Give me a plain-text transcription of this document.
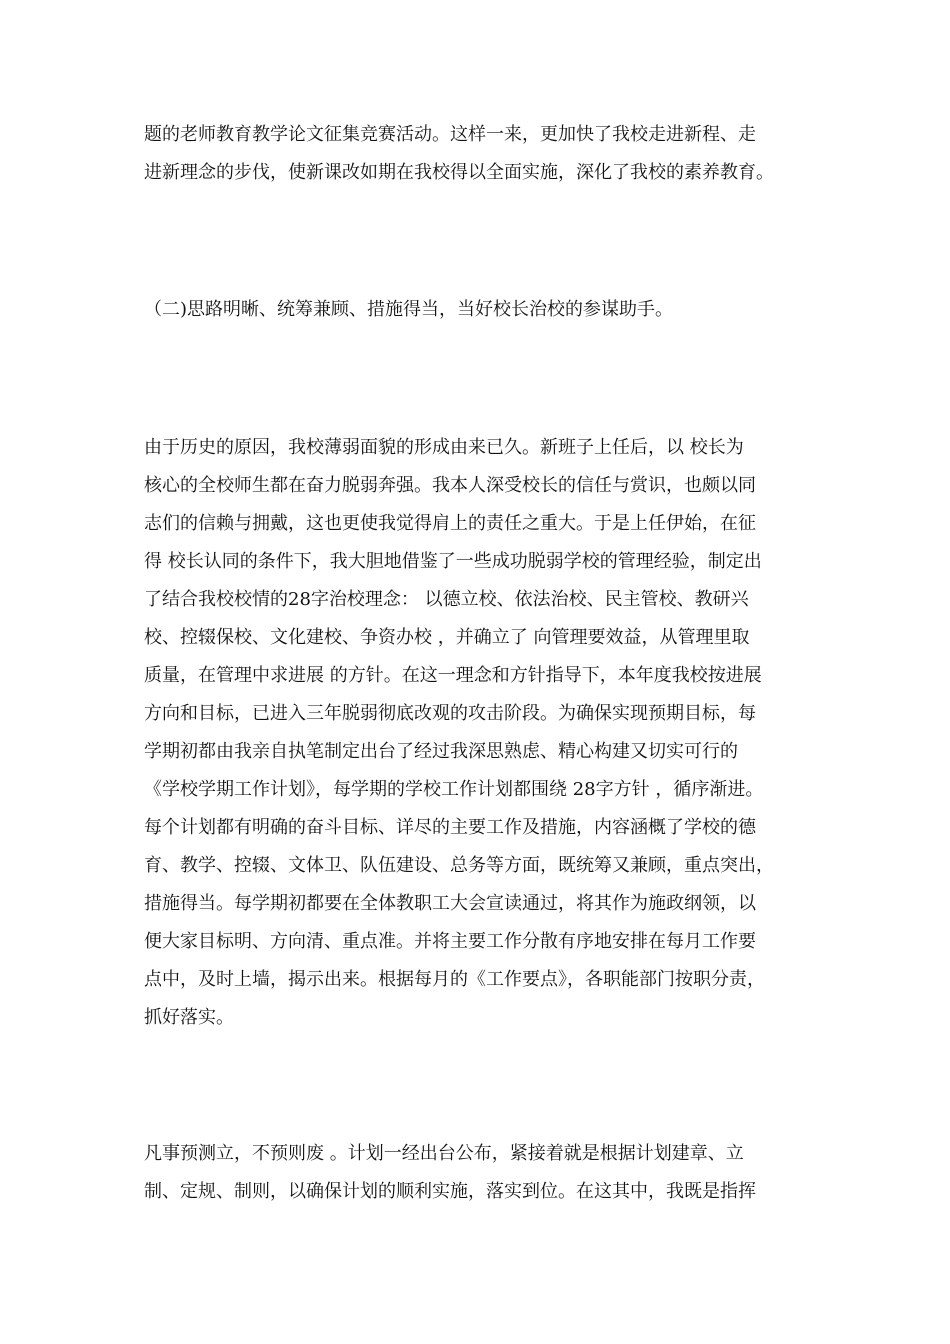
题的老师教育教学论文征集竞赛活动。这样一来，更加快了我校走进新程、走

进新理念的步伐，使新课改如期在我校得以全面实施，深化了我校的素养教育。

（二)思路明晰、统筹兼顾、措施得当，当好校长治校的参谋助手。

由于历史的原因，我校薄弱面貌的形成由来已久。新班子上任后，以 校长为

核心的全校师生都在奋力脱弱奔强。我本人深受校长的信任与赏识，也颇以同

志们的信赖与拥戴，这也更使我觉得肩上的责任之重大。于是上任伊始，在征

得 校长认同的条件下，我大胆地借鉴了一些成功脱弱学校的管理经验，制定出

了结合我校校情的28字治校理念： 以德立校、依法治校、民主管校、教研兴

校、控辍保校、文化建校、争资办校 ，并确立了 向管理要效益，从管理里取

质量，在管理中求进展 的方针。在这一理念和方针指导下，本年度我校按进展

方向和目标，已进入三年脱弱彻底改观的攻击阶段。为确保实现预期目标，每

学期初都由我亲自执笔制定出台了经过我深思熟虑、精心构建又切实可行的

《学校学期工作计划》，每学期的学校工作计划都围绕 28字方针 ，循序渐进。

每个计划都有明确的奋斗目标、详尽的主要工作及措施，内容涵概了学校的德

育、教学、控辍、文体卫、队伍建设、总务等方面，既统筹又兼顾，重点突出，

措施得当。每学期初都要在全体教职工大会宣读通过，将其作为施政纲领，以

便大家目标明、方向清、重点准。并将主要工作分散有序地安排在每月工作要

点中，及时上墙，揭示出来。根据每月的《工作要点》，各职能部门按职分责，

抓好落实。

凡事预测立，不预则废 。计划一经出台公布，紧接着就是根据计划建章、立

制、定规、制则，以确保计划的顺利实施，落实到位。在这其中，我既是指挥
